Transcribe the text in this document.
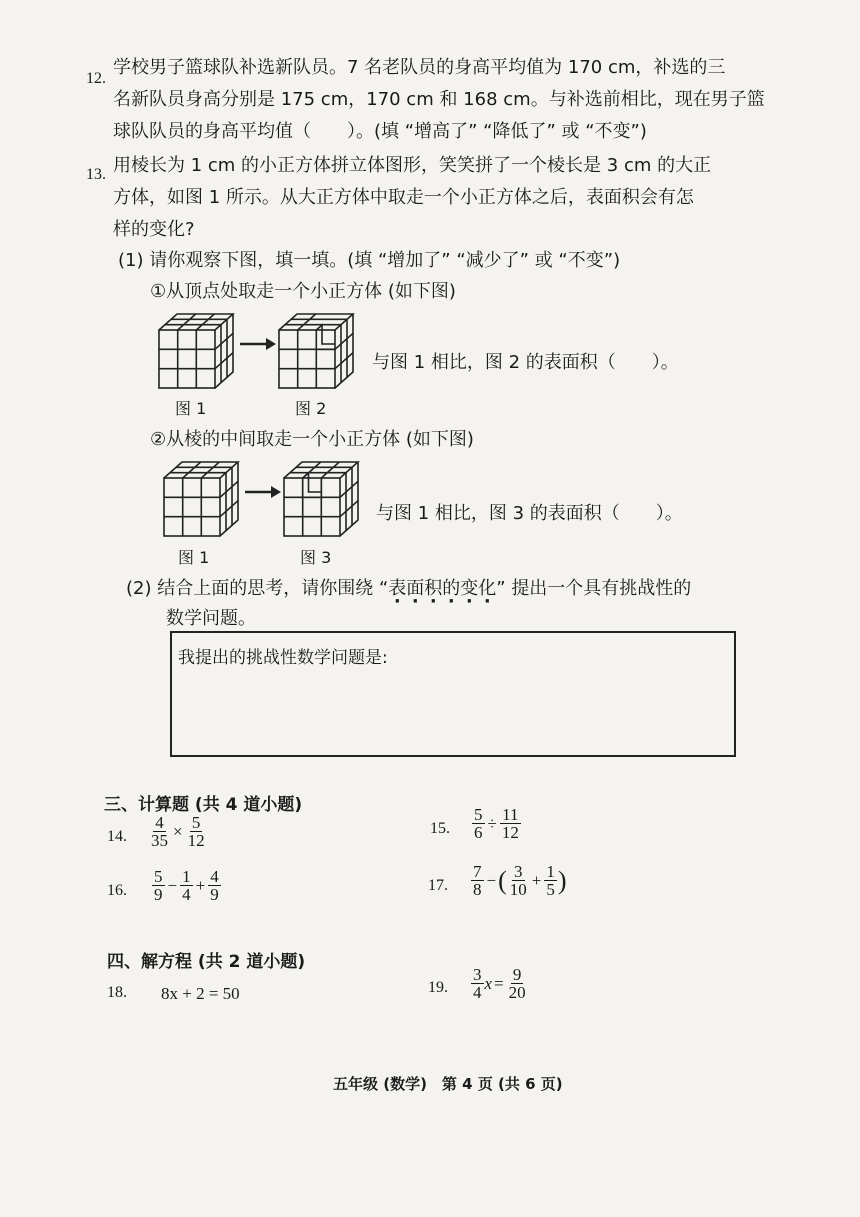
12.
学校男子篮球队补选新队员。7 名老队员的身高平均值为 170 cm，补选的三
名新队员身高分别是 175 cm，170 cm 和 168 cm。与补选前相比，现在男子篮
球队队员的身高平均值（　　）。(填 “增高了” “降低了” 或 “不变”)
13. 用棱长为 1 cm 的小正方体拼立体图形，笑笑拼了一个棱长是 3 cm 的大正
方体，如图 1 所示。从大正方体中取走一个小正方体之后，表面积会有怎
样的变化?
(1) 请你观察下图，填一填。(填 “增加了” “减少了” 或 “不变”)
①从顶点处取走一个小正方体 (如下图)
图 1	图 2
与图 1 相比，图 2 的表面积（　　）。
②从棱的中间取走一个小正方体 (如下图)
图 1	图 3
与图 1 相比，图 3 的表面积（　　）。
(2) 结合上面的思考，请你围绕 “表面积的变化” 提出一个具有挑战性的
数学问题。
我提出的挑战性数学问题是:
三、计算题 (共 4 道小题)
14. $\frac{4}{35} \times \frac{5}{12}$	15. $\frac{5}{6} \div \frac{11}{12}$
16. $\frac{5}{9} - \frac{1}{4} + \frac{4}{9}$	17. $\frac{7}{8}$ − ( $\frac{3}{10} + \frac{1}{5}$ )
四、解方程 (共 2 道小题)
18. 8x + 2 = 50	19. $\frac{3}{4}$ $x = \frac{9}{20}$
五年级 (数学)　第 4 页 (共 6 页)
